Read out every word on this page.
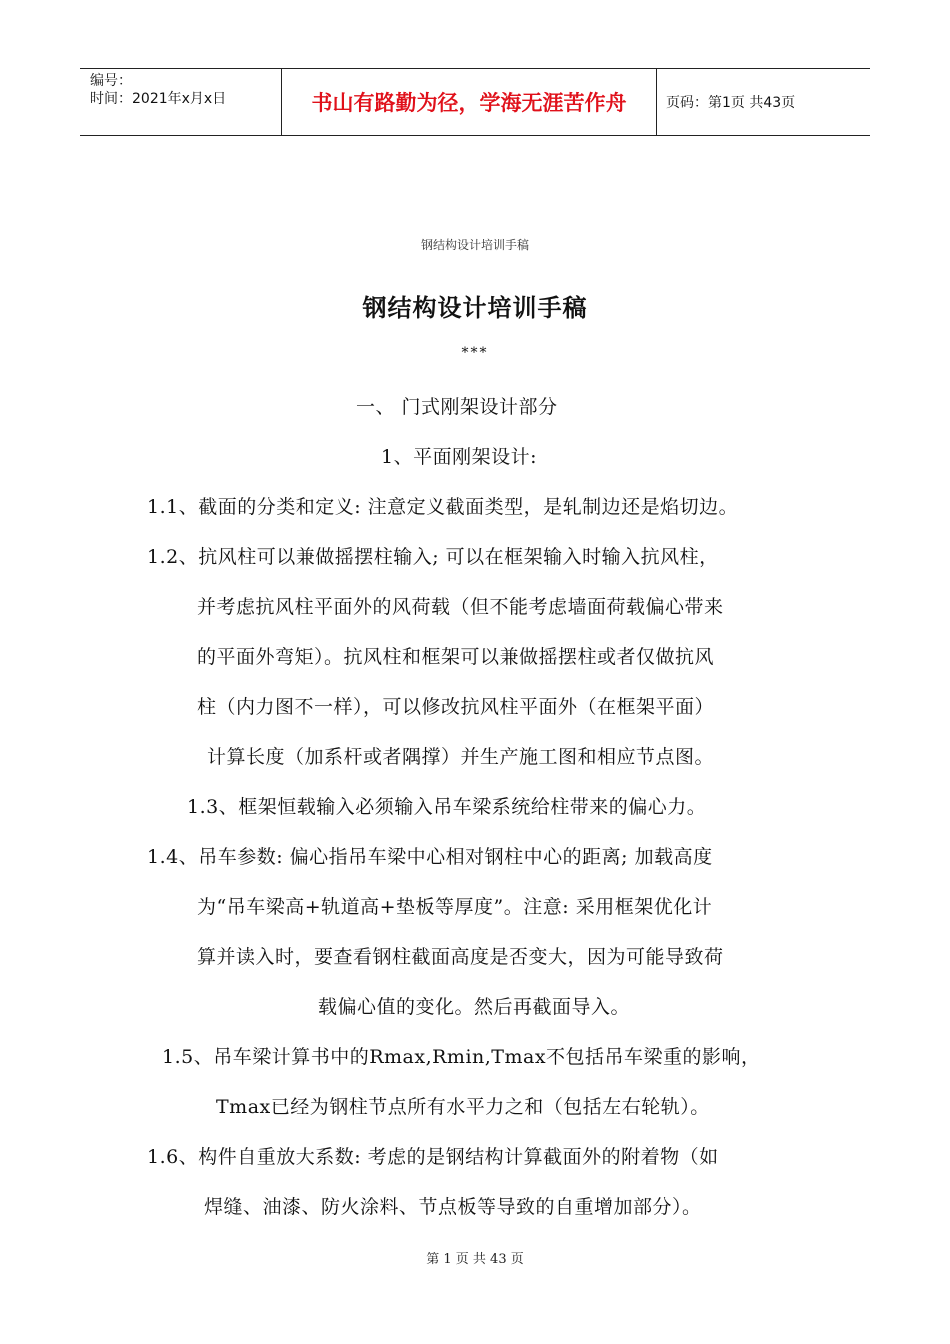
编号：
时间：2021年x月x日	书山有路勤为径，学海无涯苦作舟	页码：第1页 共43页
钢结构设计培训手稿
钢结构设计培训手稿
***
一、 门式刚架设计部分
1、平面刚架设计:
1.1、截面的分类和定义: 注意定义截面类型，是轧制边还是焰切边。
1.2、抗风柱可以兼做摇摆柱输入; 可以在框架输入时输入抗风柱，
并考虑抗风柱平面外的风荷载（但不能考虑墙面荷载偏心带来
的平面外弯矩）。抗风柱和框架可以兼做摇摆柱或者仅做抗风
柱（内力图不一样），可以修改抗风柱平面外（在框架平面）
计算长度（加系杆或者隅撑）并生产施工图和相应节点图。
1.3、框架恒载输入必须输入吊车梁系统给柱带来的偏心力。
1.4、吊车参数: 偏心指吊车梁中心相对钢柱中心的距离; 加载高度
为“吊车梁高+轨道高+垫板等厚度”。注意: 采用框架优化计
算并读入时，要查看钢柱截面高度是否变大，因为可能导致荷
载偏心值的变化。然后再截面导入。
1.5、吊车梁计算书中的Rmax,Rmin,Tmax不包括吊车梁重的影响，
Tmax已经为钢柱节点所有水平力之和（包括左右轮轨）。
1.6、构件自重放大系数: 考虑的是钢结构计算截面外的附着物（如
焊缝、油漆、防火涂料、节点板等导致的自重增加部分）。
第 1 页 共 43 页
